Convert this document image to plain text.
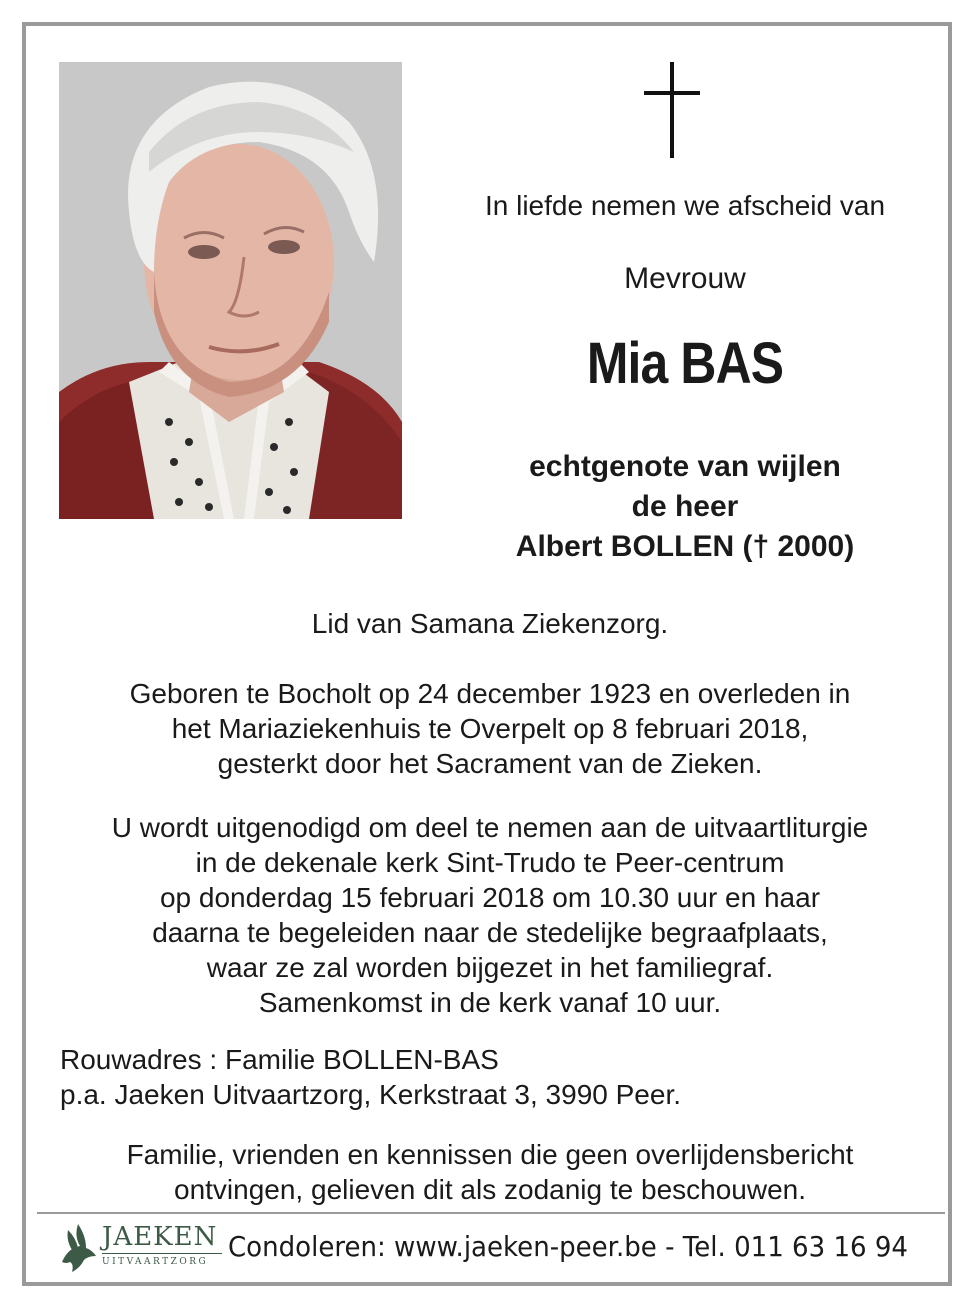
In liefde nemen we afscheid van
Mevrouw
Mia BAS
echtgenote van wijlen
de heer
Albert BOLLEN († 2000)
Lid van Samana Ziekenzorg.
Geboren te Bocholt op 24 december 1923 en overleden in
het Mariaziekenhuis te Overpelt op 8 februari 2018,
gesterkt door het Sacrament van de Zieken.
U wordt uitgenodigd om deel te nemen aan de uitvaartliturgie
in de dekenale kerk Sint-Trudo te Peer-centrum
op donderdag 15 februari 2018 om 10.30 uur en haar
daarna te begeleiden naar de stedelijke begraafplaats,
waar ze zal worden bijgezet in het familiegraf.
Samenkomst in de kerk vanaf 10 uur.
Rouwadres : Familie BOLLEN-BAS
p.a. Jaeken Uitvaartzorg, Kerkstraat 3, 3990 Peer.
Familie, vrienden en kennissen die geen overlijdensbericht
ontvingen, gelieven dit als zodanig te beschouwen.
JAEKEN
UITVAARTZORG Condoleren: www.jaeken-peer.be - Tel. 011 63 16 94
